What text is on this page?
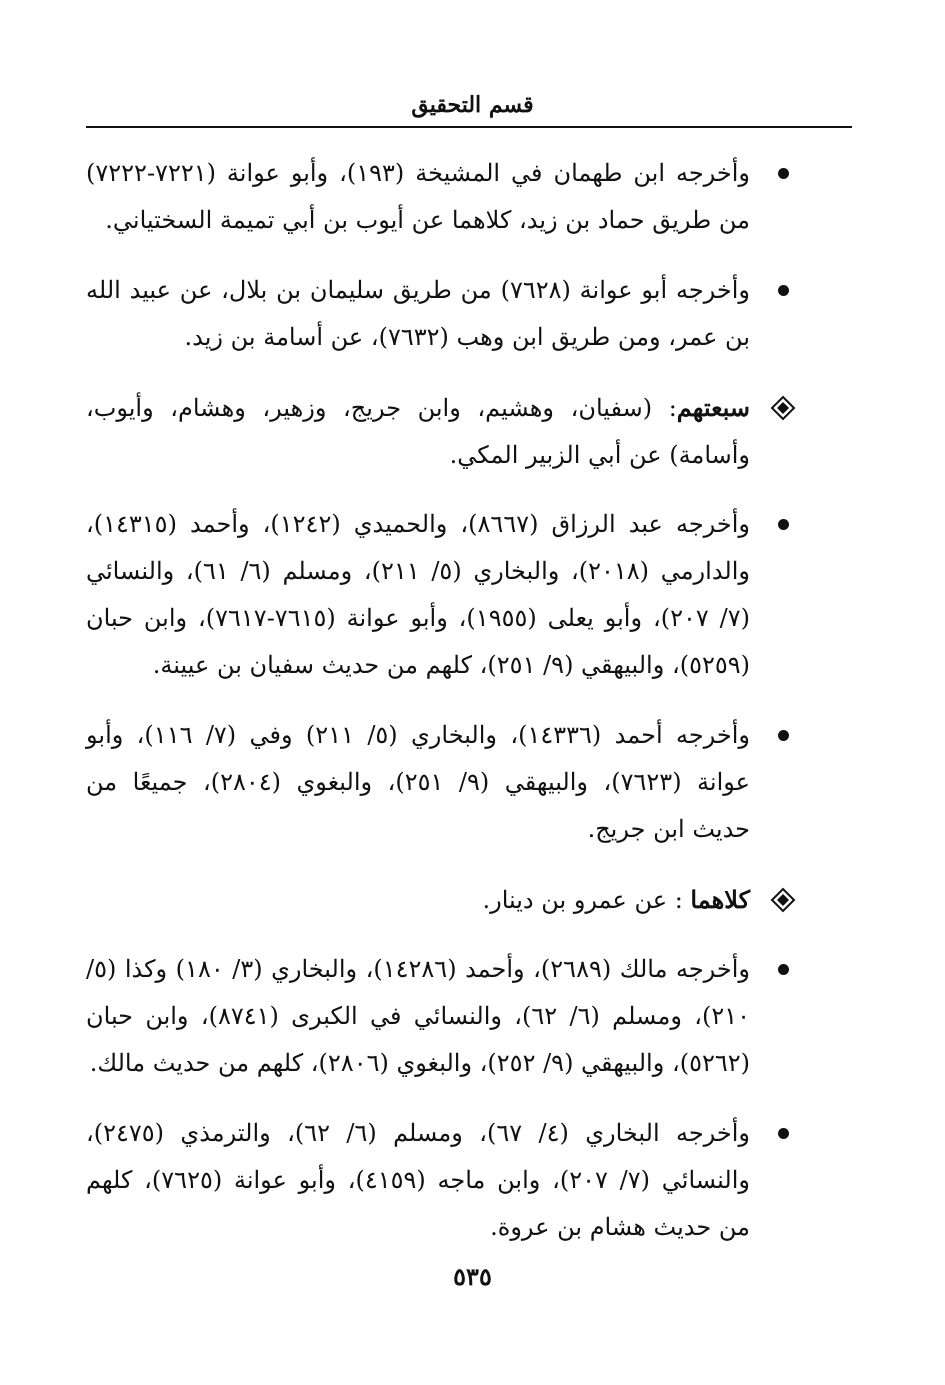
قسم التحقيق
وأخرجه ابن طهمان في المشيخة (١٩٣)، وأبو عوانة (٧٢٢١-٧٢٢٢) من طريق حماد بن زيد، كلاهما عن أيوب بن أبي تميمة السختياني.
وأخرجه أبو عوانة (٧٦٢٨) من طريق سليمان بن بلال، عن عبيد الله بن عمر، ومن طريق ابن وهب (٧٦٣٢)، عن أسامة بن زيد.
سبعتهم: (سفيان، وهشيم، وابن جريج، وزهير، وهشام، وأيوب، وأسامة) عن أبي الزبير المكي.
وأخرجه عبد الرزاق (٨٦٦٧)، والحميدي (١٢٤٢)، وأحمد (١٤٣١٥)، والدارمي (٢٠١٨)، والبخاري (٥/ ٢١١)، ومسلم (٦/ ٦١)، والنسائي (٧/ ٢٠٧)، وأبو يعلى (١٩٥٥)، وأبو عوانة (٧٦١٥-٧٦١٧)، وابن حبان (٥٢٥٩)، والبيهقي (٩/ ٢٥١)، كلهم من حديث سفيان بن عيينة.
وأخرجه أحمد (١٤٣٣٦)، والبخاري (٥/ ٢١١) وفي (٧/ ١١٦)، وأبو عوانة (٧٦٢٣)، والبيهقي (٩/ ٢٥١)، والبغوي (٢٨٠٤)، جميعًا من حديث ابن جريج.
كلاهما : عن عمرو بن دينار.
وأخرجه مالك (٢٦٨٩)، وأحمد (١٤٢٨٦)، والبخاري (٣/ ١٨٠) وكذا (٥/ ٢١٠)، ومسلم (٦/ ٦٢)، والنسائي في الكبرى (٨٧٤١)، وابن حبان (٥٢٦٢)، والبيهقي (٩/ ٢٥٢)، والبغوي (٢٨٠٦)، كلهم من حديث مالك.
وأخرجه البخاري (٤/ ٦٧)، ومسلم (٦/ ٦٢)، والترمذي (٢٤٧٥)، والنسائي (٧/ ٢٠٧)، وابن ماجه (٤١٥٩)، وأبو عوانة (٧٦٢٥)، كلهم من حديث هشام بن عروة.
٥٣٥
